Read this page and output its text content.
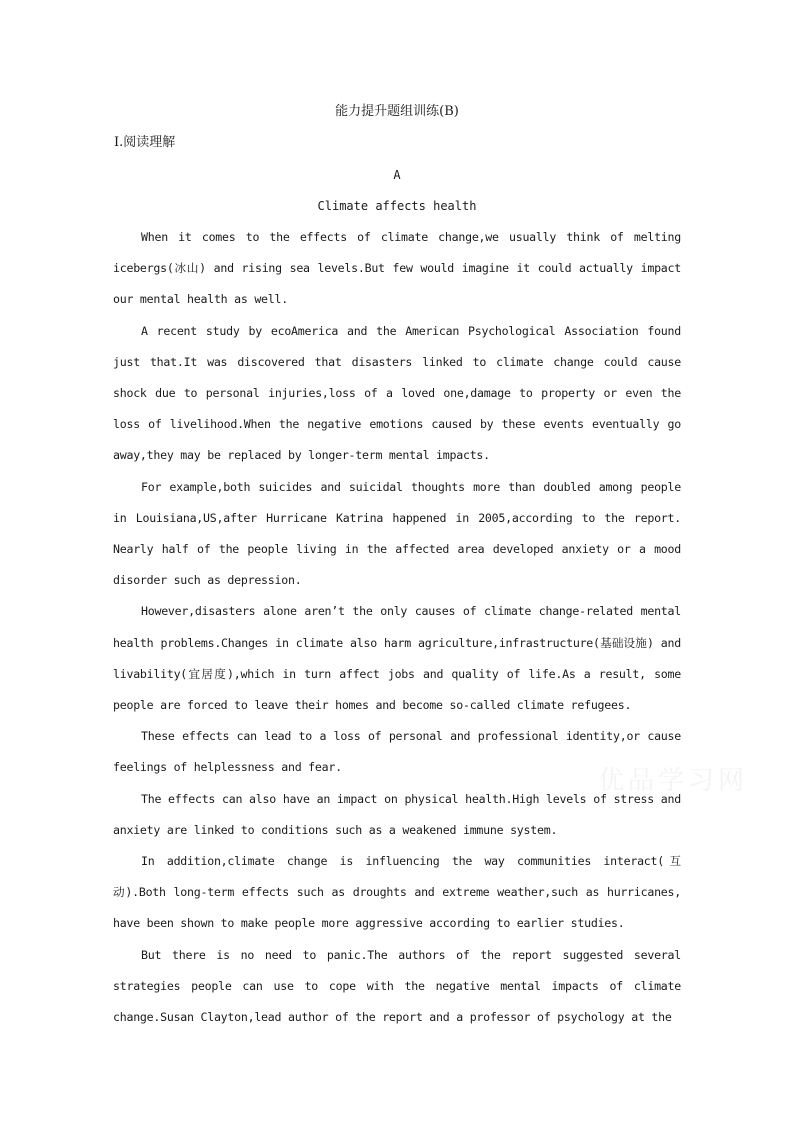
能力提升题组训练(B)
Ⅰ.阅读理解
A
Climate affects health

When it comes to the effects of climate change,we usually think of melting icebergs(冰山) and rising sea levels.But few would imagine it could actually impact our mental health as well.

A recent study by ecoAmerica and the American Psychological Association found just that.It was discovered that disasters linked to climate change could cause shock due to personal injuries,loss of a loved one,damage to property or even the loss of livelihood.When the negative emotions caused by these events eventually go away,they may be replaced by longer-term mental impacts.

For example,both suicides and suicidal thoughts more than doubled among people in Louisiana,US,after Hurricane Katrina happened in 2005,according to the report. Nearly half of the people living in the affected area developed anxiety or a mood disorder such as depression.

However,disasters alone aren’t the only causes of climate change-related mental health problems.Changes in climate also harm agriculture,infrastructure(基础设施) and livability(宜居度),which in turn affect jobs and quality of life.As a result, some people are forced to leave their homes and become so-called climate refugees.

These effects can lead to a loss of personal and professional identity,or cause feelings of helplessness and fear.

The effects can also have an impact on physical health.High levels of stress and anxiety are linked to conditions such as a weakened immune system.

In addition,climate change is influencing the way communities interact(互动).Both long-term effects such as droughts and extreme weather,such as hurricanes, have been shown to make people more aggressive according to earlier studies.

But there is no need to panic.The authors of the report suggested several strategies people can use to cope with the negative mental impacts of climate change.Susan Clayton,lead author of the report and a professor of psychology at the

优品学习网
